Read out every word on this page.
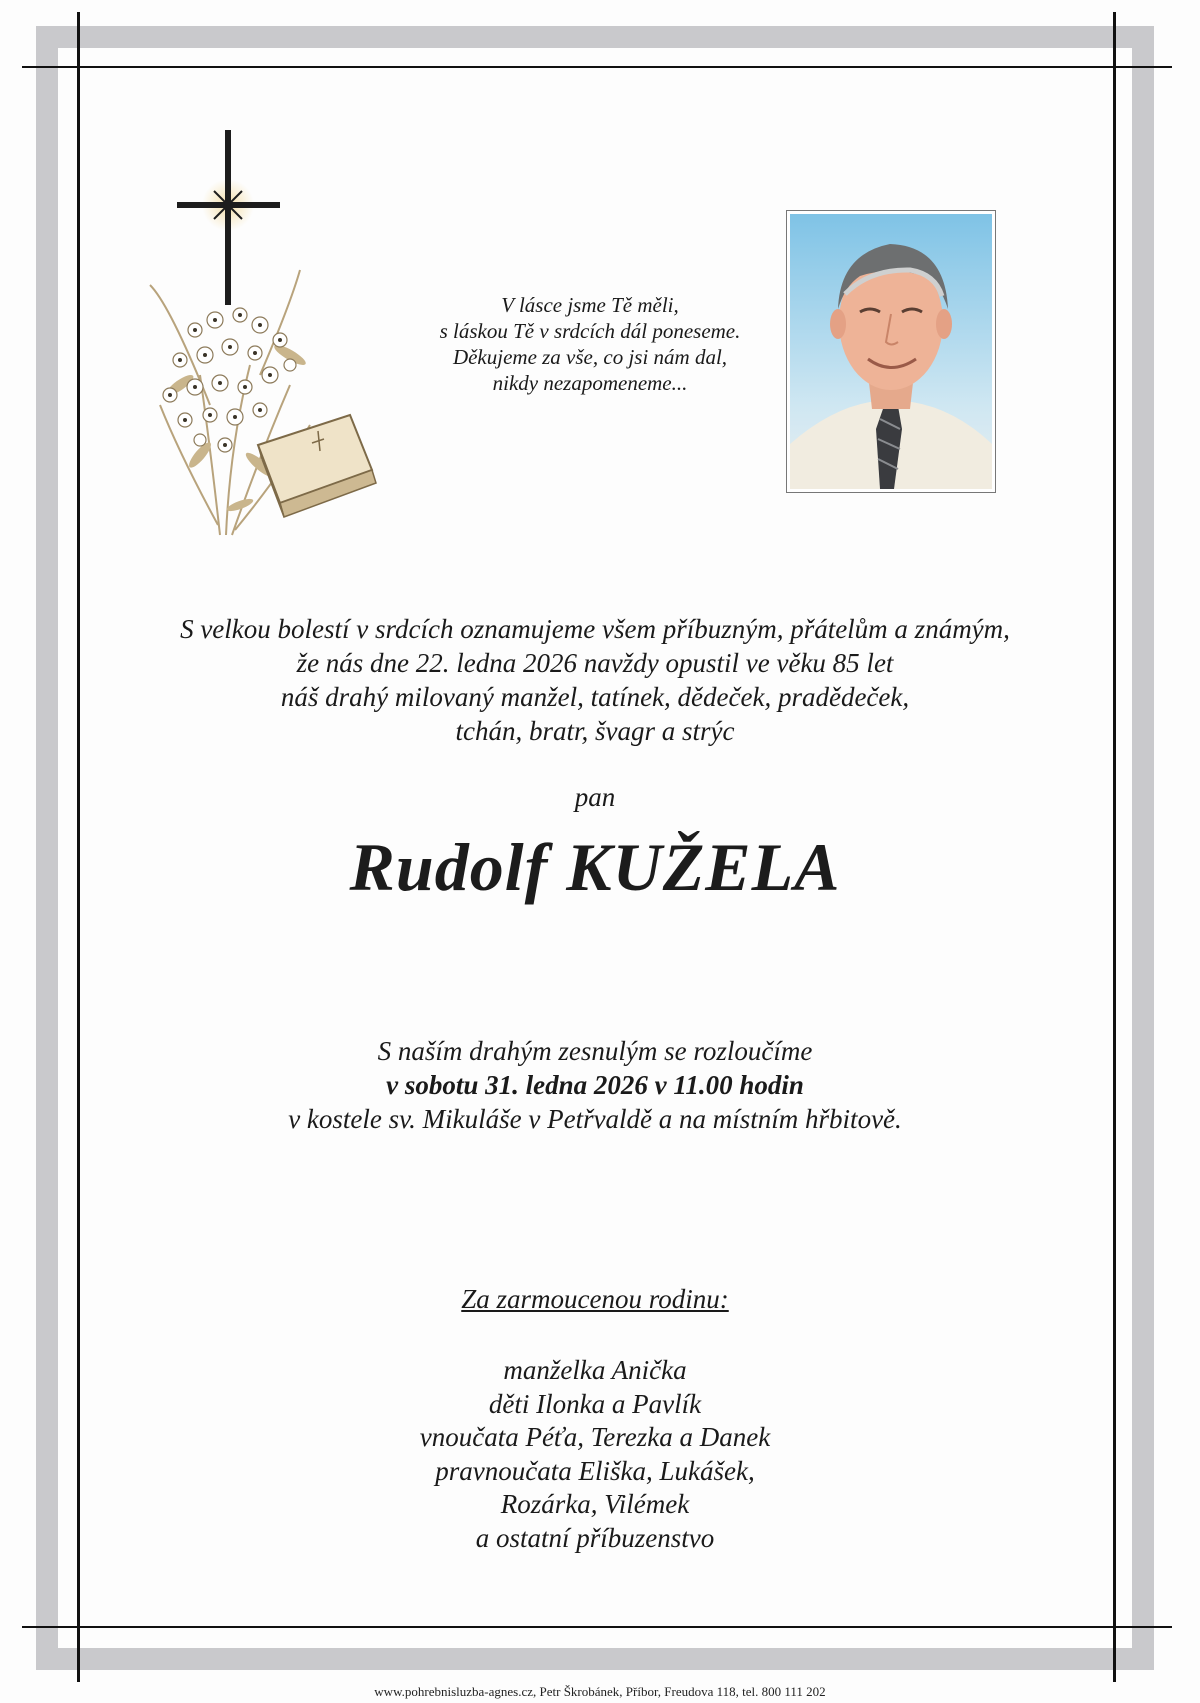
V lásce jsme Tě měli,
s láskou Tě v srdcích dál poneseme.
Děkujeme za vše, co jsi nám dal,
nikdy nezapomeneme...
S velkou bolestí v srdcích oznamujeme všem příbuzným, přátelům a známým,
že nás dne 22. ledna 2026 navždy opustil ve věku 85 let
náš drahý milovaný manžel, tatínek, dědeček, pradědeček,
tchán, bratr, švagr a strýc
pan
Rudolf KUŽELA
S naším drahým zesnulým se rozloučíme
v sobotu 31. ledna 2026 v 11.00 hodin
v kostele sv. Mikuláše v Petřvaldě a na místním hřbitově.
Za zarmoucenou rodinu:
manželka Anička
děti Ilonka a Pavlík
vnoučata Péťa, Terezka a Danek
pravnoučata Eliška, Lukášek,
Rozárka, Vilémek
a ostatní příbuzenstvo
www.pohrebnisluzba-agnes.cz, Petr Škrobánek, Příbor, Freudova 118, tel. 800 111 202
